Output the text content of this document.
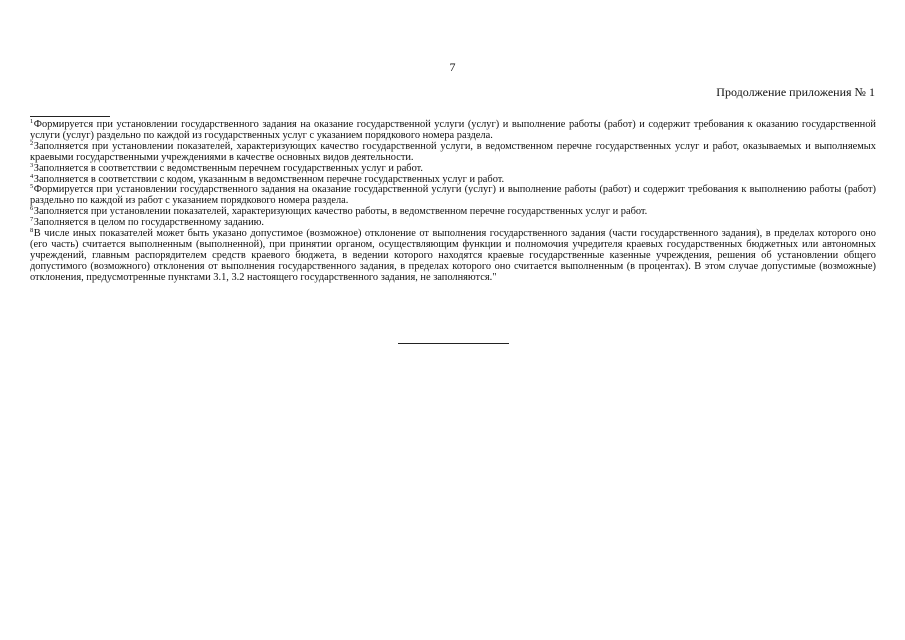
7
Продолжение приложения № 1

$^1$Формируется при установлении государственного задания на оказание государственной услуги (услуг) и выполнение работы (работ) и содержит требования к оказанию государственной услуги (услуг) раздельно по каждой из государственных услуг с указанием порядкового номера раздела.

$^2$Заполняется при установлении показателей, характеризующих качество государственной услуги, в ведомственном перечне государственных услуг и работ, оказываемых и выполняемых краевыми государственными учреждениями в качестве основных видов деятельности.

$^3$Заполняется в соответствии с ведомственным перечнем государственных услуг и работ.

$^4$Заполняется в соответствии с кодом, указанным в ведомственном перечне государственных услуг и работ.

$^5$Формируется при установлении государственного задания на оказание государственной услуги (услуг) и выполнение работы (работ) и содержит требования к выполнению работы (работ) раздельно по каждой из работ с указанием порядкового номера раздела.

$^6$Заполняется при установлении показателей, характеризующих качество работы, в ведомственном перечне государственных услуг и работ.

$^7$Заполняется в целом по государственному заданию.

$^8$В числе иных показателей может быть указано допустимое (возможное) отклонение от выполнения государственного задания (части государственного задания), в пределах которого оно (его часть) считается выполненным (выполненной), при принятии органом, осуществляющим функции и полномочия учредителя краевых государственных бюджетных или автономных учреждений, главным распорядителем средств краевого бюджета, в ведении которого находятся краевые государственные казенные учреждения, решения об установлении общего допустимого (возможного) отклонения от выполнения государственного задания, в пределах которого оно считается выполненным (в процентах). В этом случае допустимые (возможные) отклонения, предусмотренные пунктами 3.1, 3.2 настоящего государственного задания, не заполняются."
